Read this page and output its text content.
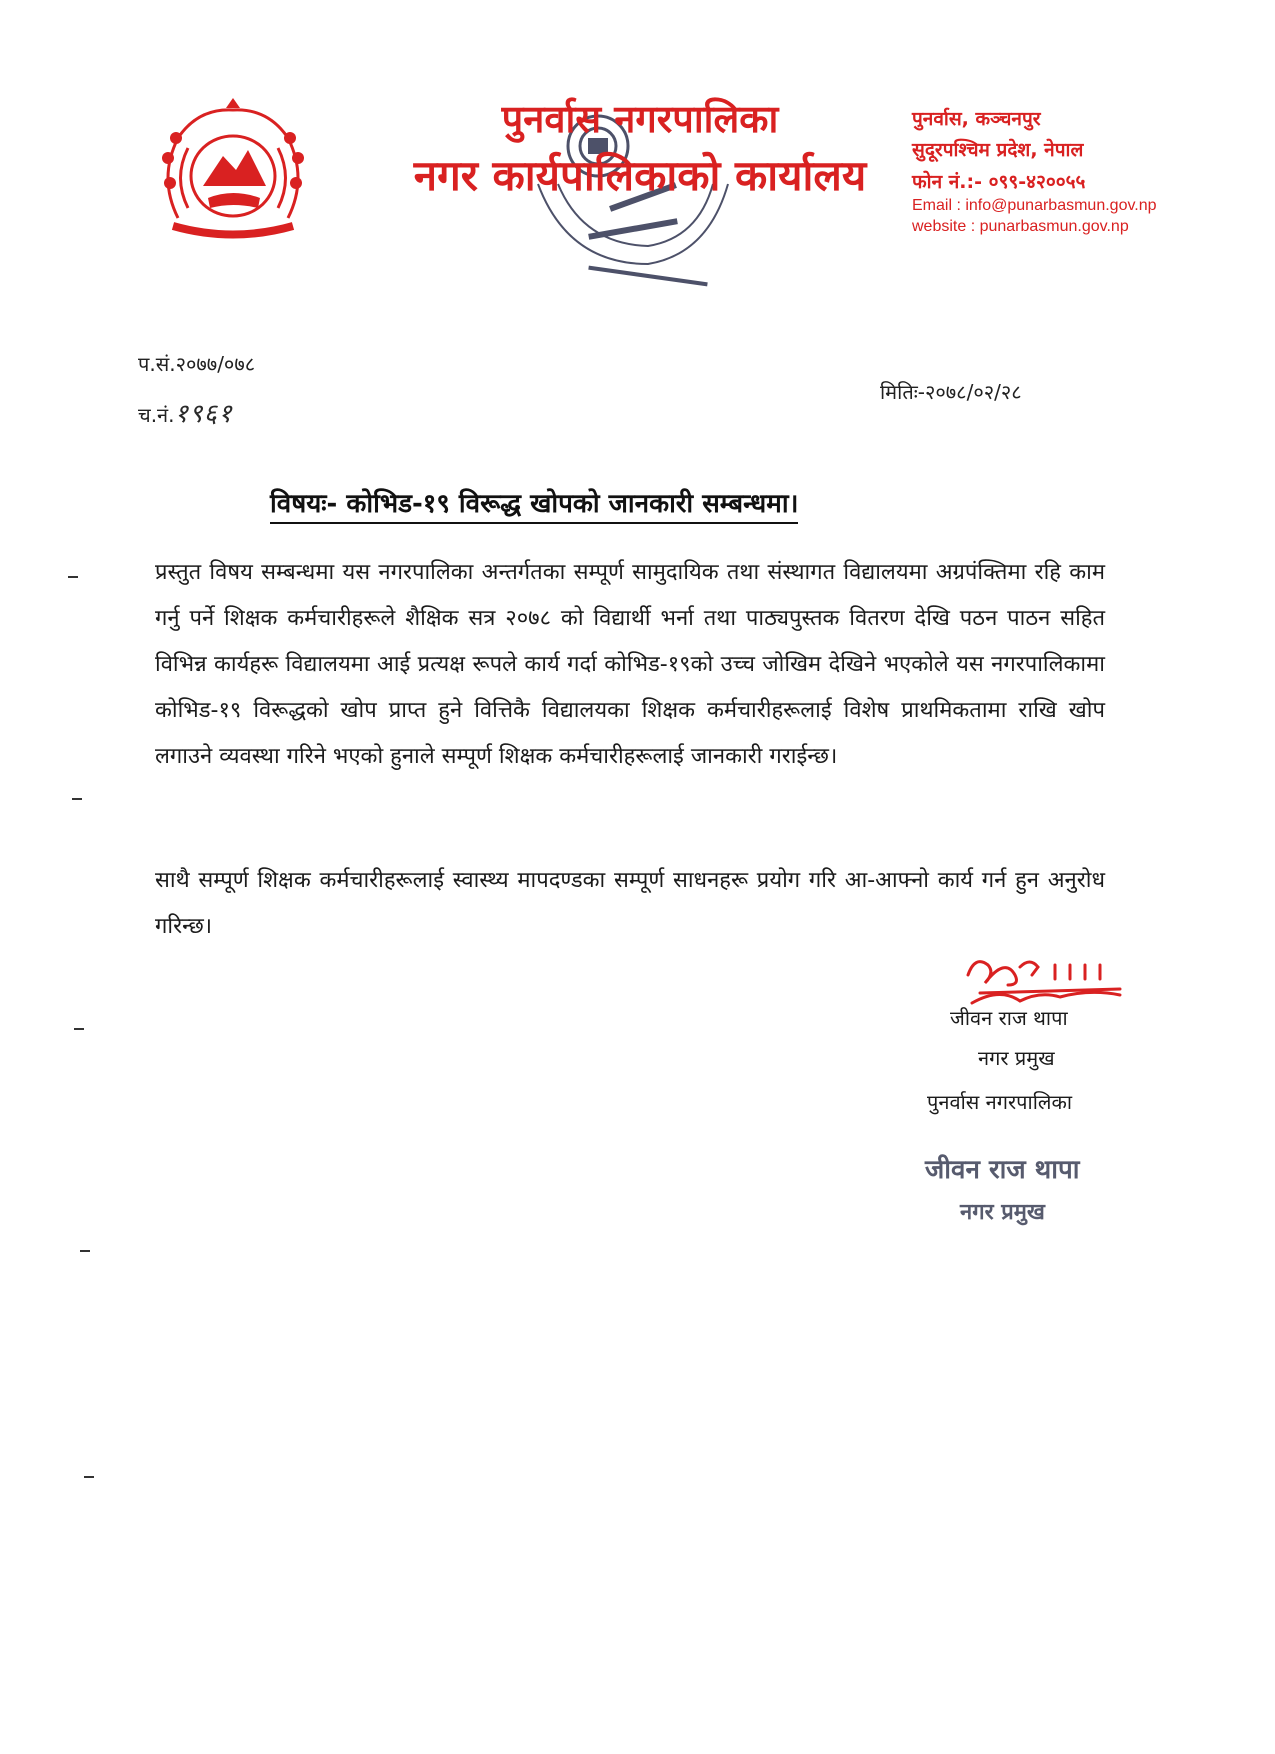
पुनर्वास नगरपालिका
नगर कार्यपालिकाको कार्यालय
पुनर्वास, कञ्चनपुर
सुदूरपश्चिम प्रदेश, नेपाल
फोन नं.:- ०९९-४२००५५
Email : info@punarbasmun.gov.np
website : punarbasmun.gov.np
प.सं.२०७७/०७८
च.नं.१९६१
मितिः-२०७८/०२/२८
विषयः- कोभिड-१९ विरूद्ध खोपको जानकारी सम्बन्धमा।
प्रस्तुत विषय सम्बन्धमा यस नगरपालिका अन्तर्गतका सम्पूर्ण सामुदायिक तथा संस्थागत विद्यालयमा अग्रपंक्तिमा रहि काम गर्नु पर्ने शिक्षक कर्मचारीहरूले शैक्षिक सत्र २०७८ को विद्यार्थी भर्ना तथा पाठ्यपुस्तक वितरण देखि पठन पाठन सहित विभिन्न कार्यहरू विद्यालयमा आई प्रत्यक्ष रूपले कार्य गर्दा कोभिड-१९को उच्च जोखिम देखिने भएकोले यस नगरपालिकामा कोभिड-१९ विरूद्धको खोप प्राप्त हुने वित्तिकै विद्यालयका शिक्षक कर्मचारीहरूलाई विशेष प्राथमिकतामा राखि खोप लगाउने व्यवस्था गरिने भएको हुनाले सम्पूर्ण शिक्षक कर्मचारीहरूलाई जानकारी गराईन्छ।
साथै सम्पूर्ण शिक्षक कर्मचारीहरूलाई स्वास्थ्य मापदण्डका सम्पूर्ण साधनहरू प्रयोग गरि आ-आफ्नो कार्य गर्न हुन अनुरोध गरिन्छ।
जीवन राज थापा
नगर प्रमुख
पुनर्वास नगरपालिका
जीवन राज थापा
नगर प्रमुख
